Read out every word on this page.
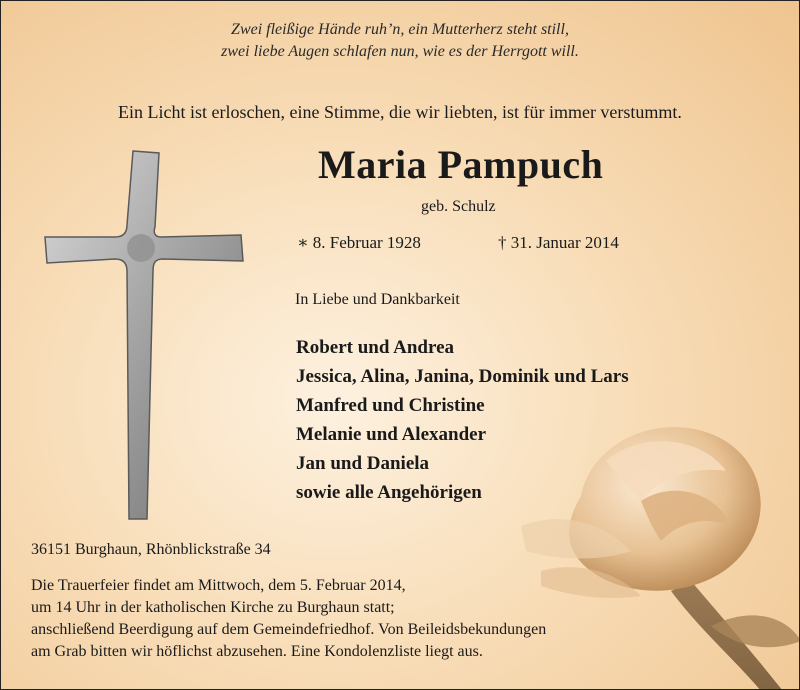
Zwei fleißige Hände ruh’n, ein Mutterherz steht still,
zwei liebe Augen schlafen nun, wie es der Herrgott will.
Ein Licht ist erloschen, eine Stimme, die wir liebten, ist für immer verstummt.
Maria Pampuch
geb. Schulz
∗ 8. Februar 1928	† 31. Januar 2014
In Liebe und Dankbarkeit
Robert und Andrea
Jessica, Alina, Janina, Dominik und Lars
Manfred und Christine
Melanie und Alexander
Jan und Daniela
sowie alle Angehörigen
36151 Burghaun, Rhönblickstraße 34
Die Trauerfeier findet am Mittwoch, dem 5. Februar 2014,
um 14 Uhr in der katholischen Kirche zu Burghaun statt;
anschließend Beerdigung auf dem Gemeindefriedhof. Von Beileidsbekundungen
am Grab bitten wir höflichst abzusehen. Eine Kondolenzliste liegt aus.
